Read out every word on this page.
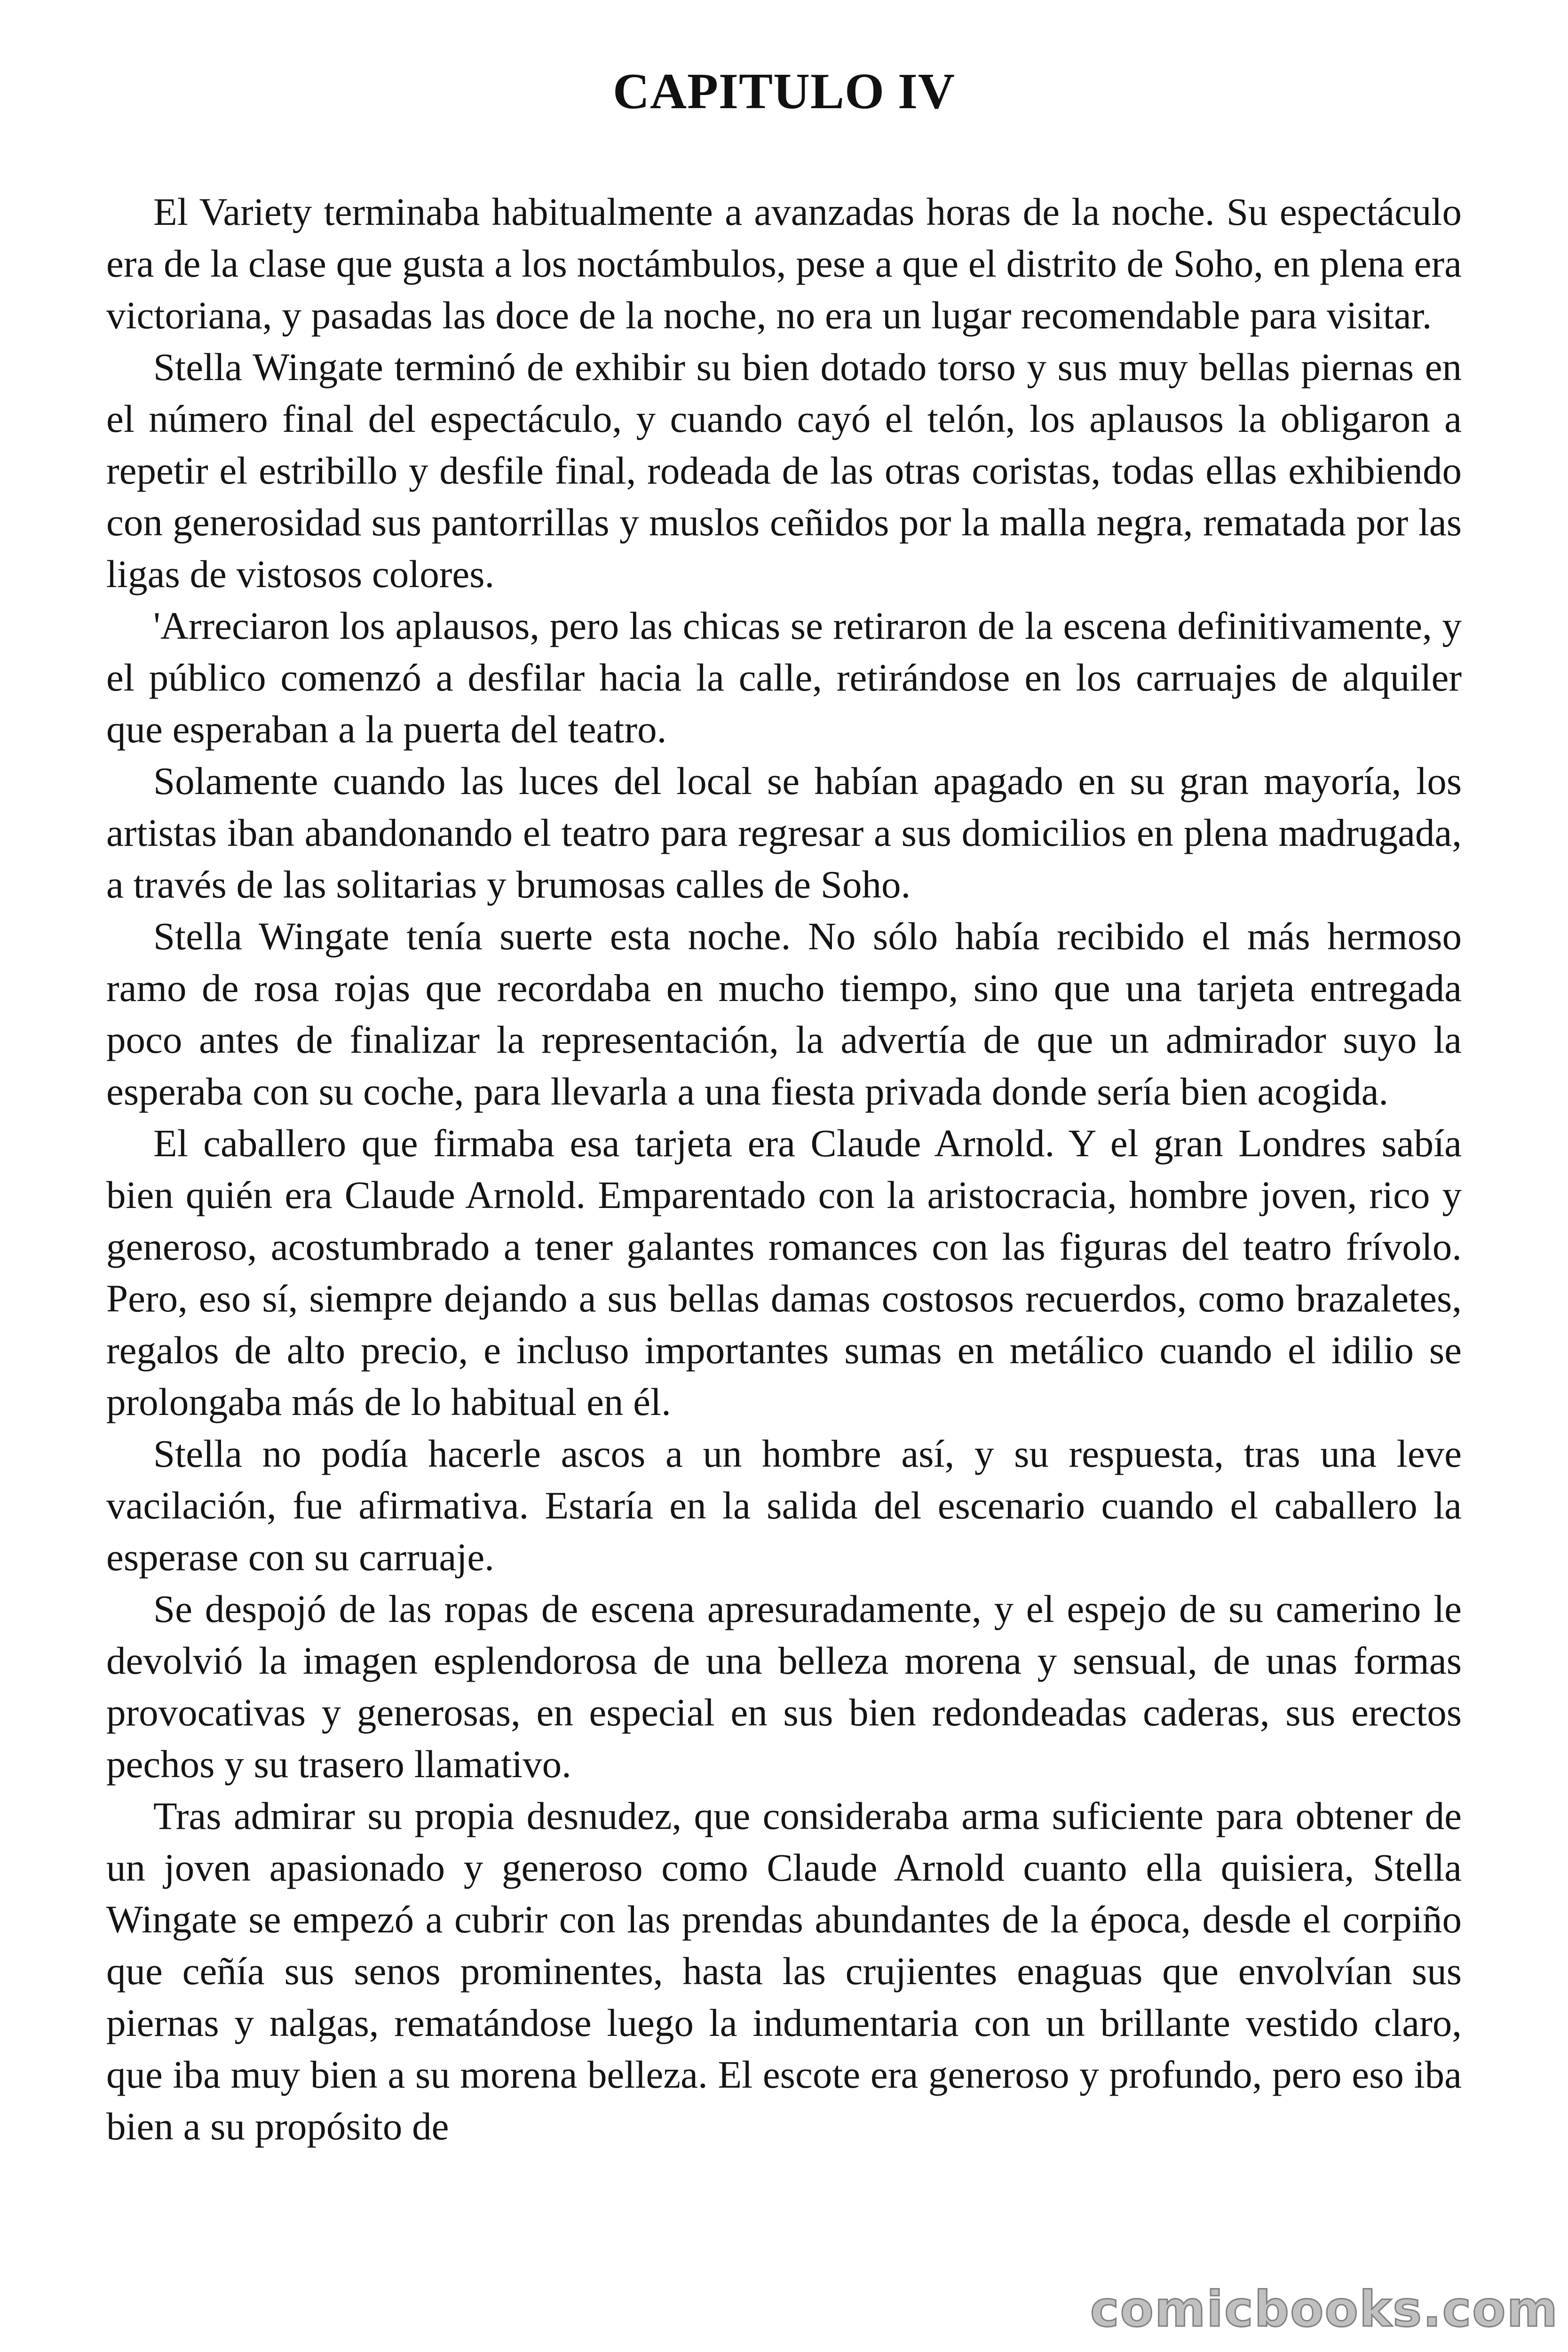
CAPITULO IV

El Variety terminaba habitualmente a avanzadas horas de la noche. Su espectáculo era de la clase que gusta a los noctámbulos, pese a que el distrito de Soho, en plena era victoriana, y pasadas las doce de la noche, no era un lugar recomendable para visitar.

Stella Wingate terminó de exhibir su bien dotado torso y sus muy bellas piernas en el número final del espectáculo, y cuando cayó el telón, los aplausos la obligaron a repetir el estribillo y desfile final, rodeada de las otras coristas, todas ellas exhibiendo con generosidad sus pantorrillas y muslos ceñidos por la malla negra, rematada por las ligas de vistosos colores.

'Arreciaron los aplausos, pero las chicas se retiraron de la escena definitivamente, y el público comenzó a desfilar hacia la calle, retirándose en los carruajes de alquiler que esperaban a la puerta del teatro.

Solamente cuando las luces del local se habían apagado en su gran mayoría, los artistas iban abandonando el teatro para regresar a sus domicilios en plena madrugada, a través de las solitarias y brumosas calles de Soho.

Stella Wingate tenía suerte esta noche. No sólo había recibido el más hermoso ramo de rosa rojas que recordaba en mucho tiempo, sino que una tarjeta entregada poco antes de finalizar la representación, la advertía de que un admirador suyo la esperaba con su coche, para llevarla a una fiesta privada donde sería bien acogida.

El caballero que firmaba esa tarjeta era Claude Arnold. Y el gran Londres sabía bien quién era Claude Arnold. Emparentado con la aristocracia, hombre joven, rico y generoso, acostumbrado a tener galantes romances con las figuras del teatro frívolo. Pero, eso sí, siempre dejando a sus bellas damas costosos recuerdos, como brazaletes, regalos de alto precio, e incluso importantes sumas en metálico cuando el idilio se prolongaba más de lo habitual en él.

Stella no podía hacerle ascos a un hombre así, y su respuesta, tras una leve vacilación, fue afirmativa. Estaría en la salida del escenario cuando el caballero la esperase con su carruaje.

Se despojó de las ropas de escena apresuradamente, y el espejo de su camerino le devolvió la imagen esplendorosa de una belleza morena y sensual, de unas formas provocativas y generosas, en especial en sus bien redondeadas caderas, sus erectos pechos y su trasero llamativo.

Tras admirar su propia desnudez, que consideraba arma suficiente para obtener de un joven apasionado y generoso como Claude Arnold cuanto ella quisiera, Stella Wingate se empezó a cubrir con las prendas abundantes de la época, desde el corpiño que ceñía sus senos prominentes, hasta las crujientes enaguas que envolvían sus piernas y nalgas, rematándose luego la indumentaria con un brillante vestido claro, que iba muy bien a su morena belleza. El escote era generoso y profundo, pero eso iba bien a su propósito de

comicbooks.com
